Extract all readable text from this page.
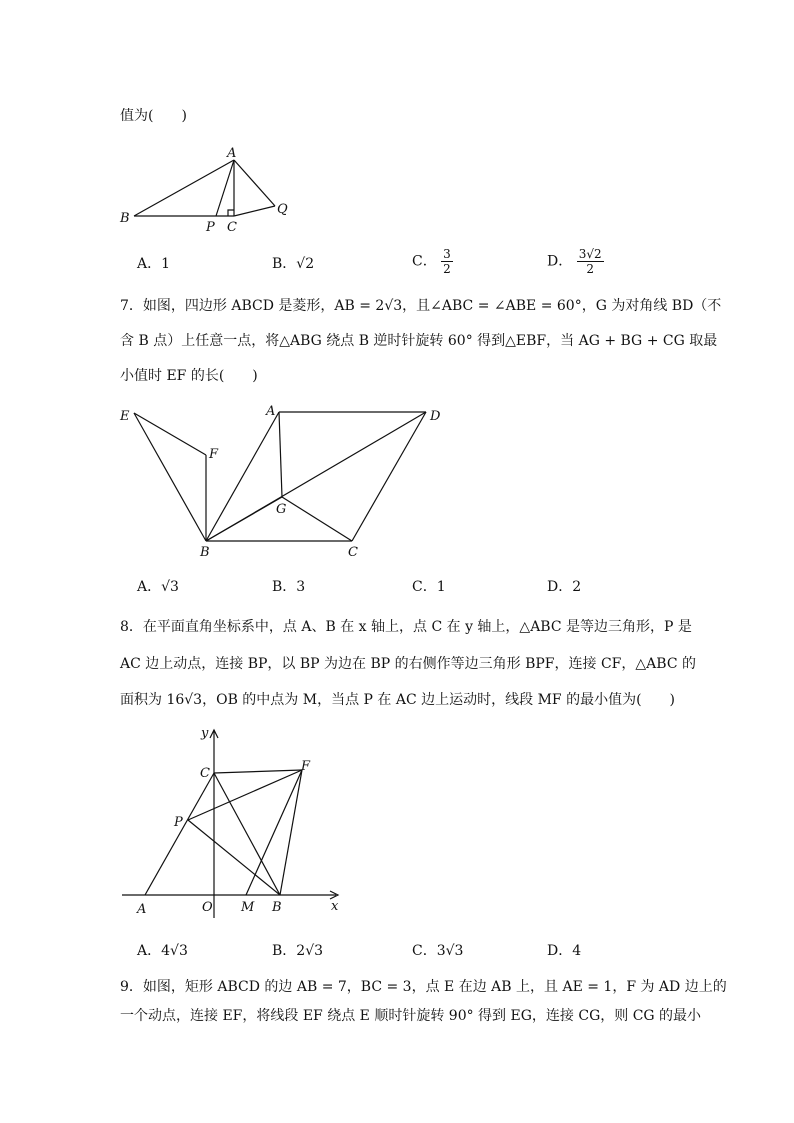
值为(　　)
A
B
P C
Q
E
F
A	D
G
B	C
y
C	F
P
A	O M B	x
A．1	B．√2	C． $\frac{3}{2}$	D． $\frac{3√2}{2}$
7．如图，四边形 ABCD 是菱形，AB = 2√3，且∠ABC = ∠ABE = 60°，G 为对角线 BD（不
含 B 点）上任意一点，将△ABG 绕点 B 逆时针旋转 60° 得到△EBF，当 AG + BG + CG 取最
小值时 EF 的长(　　)
A．√3	B．3	C．1	D．2
8．在平面直角坐标系中，点 A、B 在 x 轴上，点 C 在 y 轴上，△ABC 是等边三角形，P 是
AC 边上动点，连接 BP，以 BP 为边在 BP 的右侧作等边三角形 BPF，连接 CF，△ABC 的
面积为 16√3，OB 的中点为 M，当点 P 在 AC 边上运动时，线段 MF 的最小值为(　　)
A．4√3	B．2√3	C．3√3	D．4
9．如图，矩形 ABCD 的边 AB = 7，BC = 3，点 E 在边 AB 上，且 AE = 1，F 为 AD 边上的
一个动点，连接 EF，将线段 EF 绕点 E 顺时针旋转 90° 得到 EG，连接 CG，则 CG 的最小
